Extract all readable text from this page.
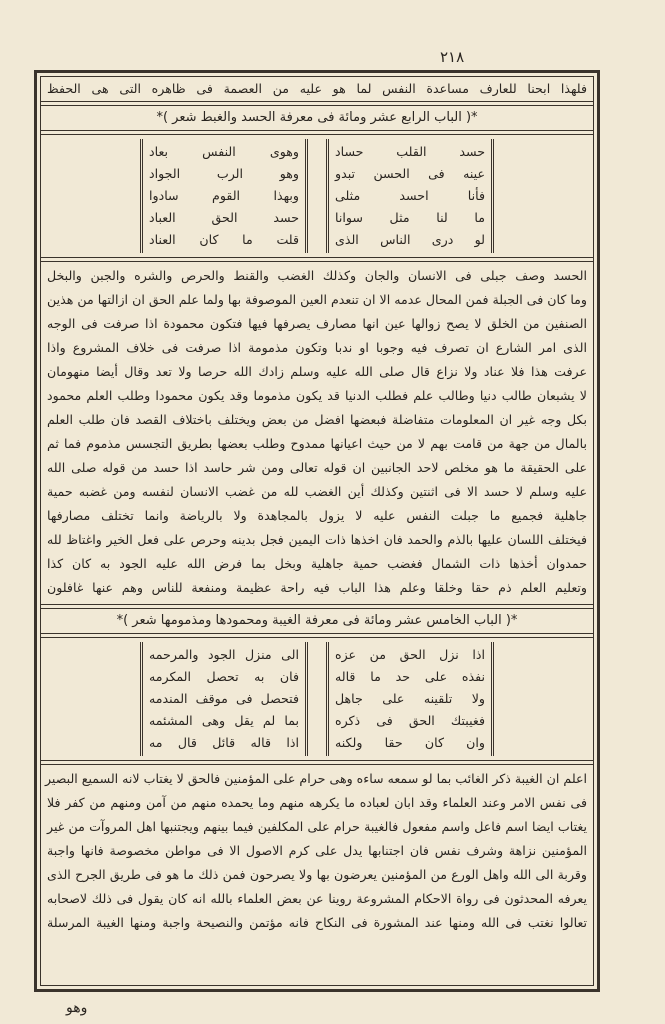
٢١٨
فلهذا ابحنا للعارف مساعدة النفس لما هو عليه من العصمة فى ظاهره التى هى الحفظ
*( الباب الرابع عشر ومائة فى معرفة الحسد والغبط شعر )*
حسد القلب حساد
عينه فى الحسن تبدو
فأنا احسد مثلى
ما لنا مثل سوانا
لو درى الناس الذى
وهوى النفس بعاد
وهو الرب الجواد
وبهذا القوم سادوا
حسد الحق العباد
قلت ما كان العناد
الحسد وصف جبلى فى الانسان والجان وكذلك الغضب والقنط والحرص والشره والجبن والبخل
وما كان فى الجبلة فمن المحال عدمه الا ان تنعدم العين الموصوفة بها ولما علم الحق ان ازالتها من هذين
الصنفين من الخلق لا يصح زوالها عين انها مصارف يصرفها فيها فتكون محمودة اذا صرفت فى الوجه
الذى امر الشارع ان تصرف فيه وجوبا او ندبا وتكون مذمومة اذا صرفت فى خلاف المشروع واذا
عرفت هذا فلا عناد ولا نزاع قال صلى الله عليه وسلم زادك الله حرصا ولا تعد وقال أيضا منهومان
لا يشبعان طالب دنيا وطالب علم فطلب الدنيا قد يكون مذموما وقد يكون محمودا وطلب العلم محمود
بكل وجه غير ان المعلومات متفاضلة فبعضها افضل من بعض ويختلف باختلاف القصد فان طلب العلم
بالمال من جهة من قامت بهم لا من حيث اعيانها ممدوح وطلب بعضها بطريق التجسس مذموم فما ثم
على الحقيقة ما هو مخلص لاحد الجانبين ان قوله تعالى ومن شر حاسد اذا حسد من قوله صلى الله
عليه وسلم لا حسد الا فى اثنتين وكذلك أين الغضب لله من غضب الانسان لنفسه ومن غضبه حمية
جاهلية فجميع ما جبلت النفس عليه لا يزول بالمجاهدة ولا بالرياضة وانما تختلف مصارفها
فيختلف اللسان عليها بالذم والحمد فان اخذها ذات اليمين فجل بدينه وحرص على فعل الخير واغتاظ لله
حمدوان أخذها ذات الشمال فغضب حمية جاهلية وبخل بما فرض الله عليه الجود به كان كذا
وتعليم العلم ذم حقا وخلقا وعلم هذا الباب فيه راحة عظيمة ومنفعة للناس وهم عنها غافلون
*( الباب الخامس عشر ومائة فى معرفة الغيبة ومحمودها ومذمومها شعر )*
اذا نزل الحق من عزه
نفذه على حد ما قاله
ولا تلقينه على جاهل
فغيبتك الحق فى ذكره
وان كان حقا ولكنه
الى منزل الجود والمرحمه
فان به تحصل المكرمه
فتحصل فى موقف المندمه
بما لم يقل وهى المشئمه
اذا قاله قائل قال مه
اعلم ان الغيبة ذكر الغائب بما لو سمعه ساءه وهى حرام على المؤمنين فالحق لا يغتاب لانه السميع البصير
فى نفس الامر وعند العلماء وقد ابان لعباده ما يكرهه منهم وما يحمده منهم من آمن ومنهم من كفر فلا
يغتاب ايضا اسم فاعل واسم مفعول فالغيبة حرام على المكلفين فيما بينهم ويجتنبها اهل المروآت من غير
المؤمنين نزاهة وشرف نفس فان اجتنابها يدل على كرم الاصول الا فى مواطن مخصوصة فانها واجبة
وقربة الى الله واهل الورع من المؤمنين يعرضون بها ولا يصرحون فمن ذلك ما هو فى طريق الجرح الذى
يعرفه المحدثون فى رواة الاحكام المشروعة روينا عن بعض العلماء بالله انه كان يقول فى ذلك لاصحابه
تعالوا نغتب فى الله ومنها عند المشورة فى النكاح فانه مؤتمن والنصيحة واجبة ومنها الغيبة المرسلة
وهو
